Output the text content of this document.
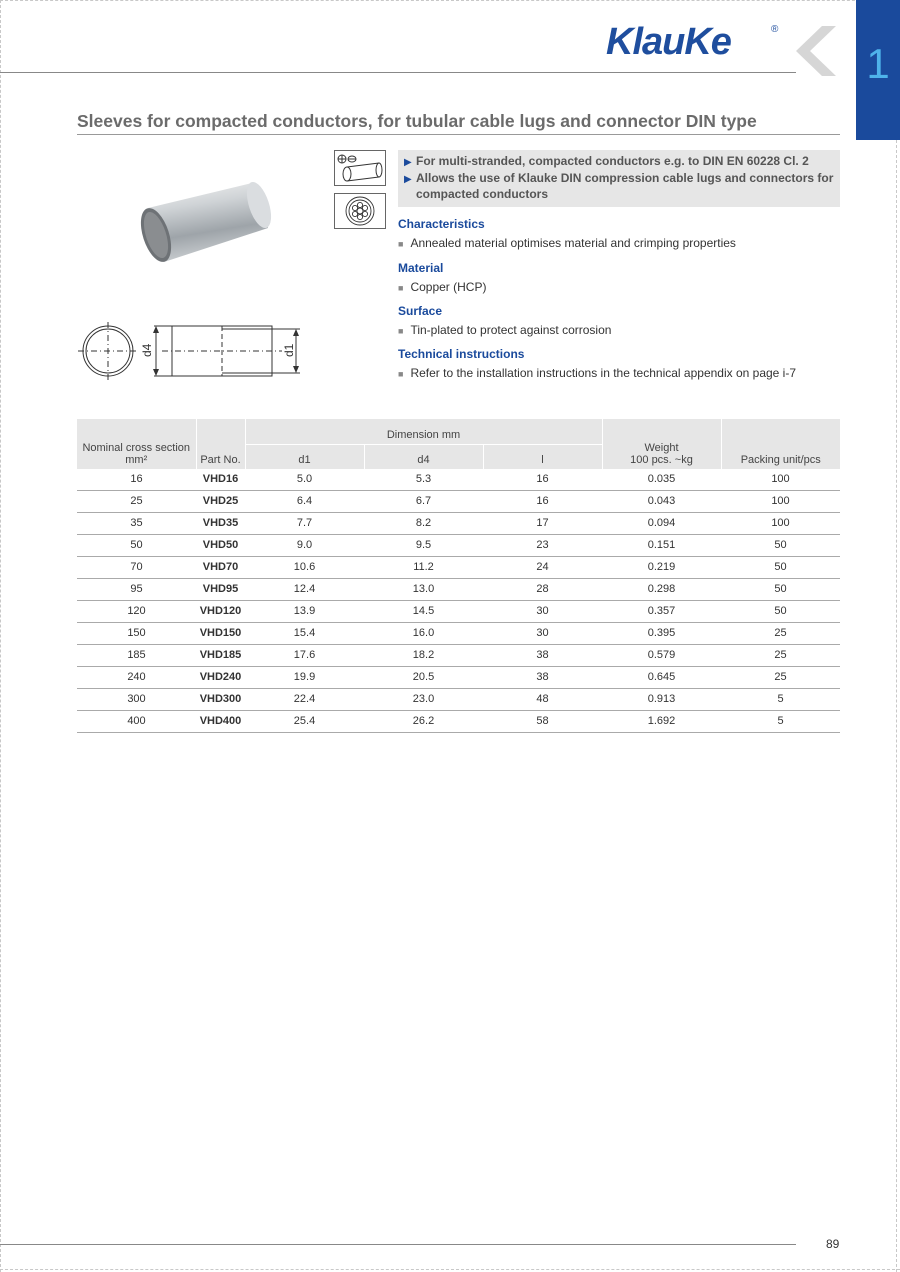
KlauKe	®
1
Sleeves for compacted conductors, for tubular cable lugs and connector DIN type
d4	d1
▶ For multi-stranded, compacted conductors e.g. to DIN EN 60228 Cl. 2
▶ Allows the use of Klauke DIN compression cable lugs and connectors for
compacted conductors
Characteristics
■ Annealed material optimises material and crimping properties
Material
■ Copper (HCP)
Surface
■ Tin-plated to protect against corrosion
Technical instructions
■ Refer to the installation instructions in the technical appendix on page i-7
Nominal cross section
mm²	Part No.	Dimension mm			Weight
100 pcs. ~kg	Packing unit/pcs
		d1	d4	l		
16	VHD16	5.0	5.3	16	0.035	100
25	VHD25	6.4	6.7	16	0.043	100
35	VHD35	7.7	8.2	17	0.094	100
50	VHD50	9.0	9.5	23	0.151	50
70	VHD70	10.6	11.2	24	0.219	50
95	VHD95	12.4	13.0	28	0.298	50
120	VHD120	13.9	14.5	30	0.357	50
150	VHD150	15.4	16.0	30	0.395	25
185	VHD185	17.6	18.2	38	0.579	25
240	VHD240	19.9	20.5	38	0.645	25
300	VHD300	22.4	23.0	48	0.913	5
400	VHD400	25.4	26.2	58	1.692	5
89
